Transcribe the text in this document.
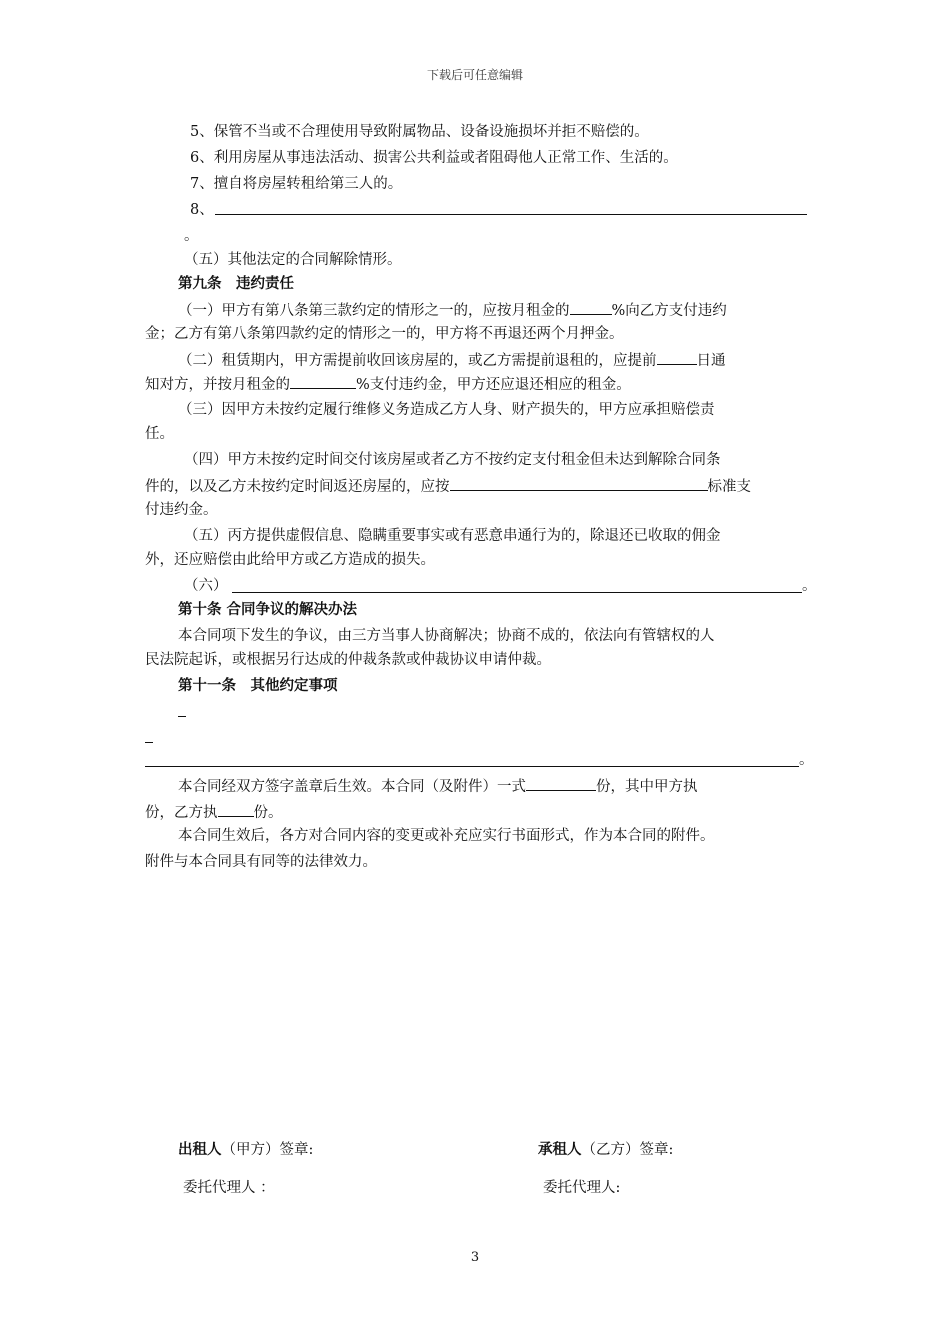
下载后可任意编辑
5、保管不当或不合理使用导致附属物品、设备设施损坏并拒不赔偿的。
6、利用房屋从事违法活动、损害公共利益或者阻碍他人正常工作、生活的。
7、擅自将房屋转租给第三人的。
8、
。
（五）其他法定的合同解除情形。
第九条　违约责任
（一）甲方有第八条第三款约定的情形之一的，应按月租金的	%向乙方支付违约
金；乙方有第八条第四款约定的情形之一的，甲方将不再退还两个月押金。
（二）租赁期内，甲方需提前收回该房屋的，或乙方需提前退租的，应提前	日通
知对方，并按月租金的	%支付违约金，甲方还应退还相应的租金。
（三）因甲方未按约定履行维修义务造成乙方人身、财产损失的，甲方应承担赔偿责
任。
（四）甲方未按约定时间交付该房屋或者乙方不按约定支付租金但未达到解除合同条
件的，以及乙方未按约定时间返还房屋的，应按	标准支
付违约金。
（五）丙方提供虚假信息、隐瞒重要事实或有恶意串通行为的，除退还已收取的佣金
外，还应赔偿由此给甲方或乙方造成的损失。
（六）	。
第十条 合同争议的解决办法
本合同项下发生的争议，由三方当事人协商解决；协商不成的，依法向有管辖权的人
民法院起诉，或根据另行达成的仲裁条款或仲裁协议申请仲裁。
第十一条　其他约定事项
。
本合同经双方签字盖章后生效。本合同（及附件）一式	份，其中甲方执
份，乙方执 份。
本合同生效后，各方对合同内容的变更或补充应实行书面形式，作为本合同的附件。
附件与本合同具有同等的法律效力。
出租人（甲方）签章:	承租人（乙方）签章:
委托代理人 ：	委托代理人:
3
